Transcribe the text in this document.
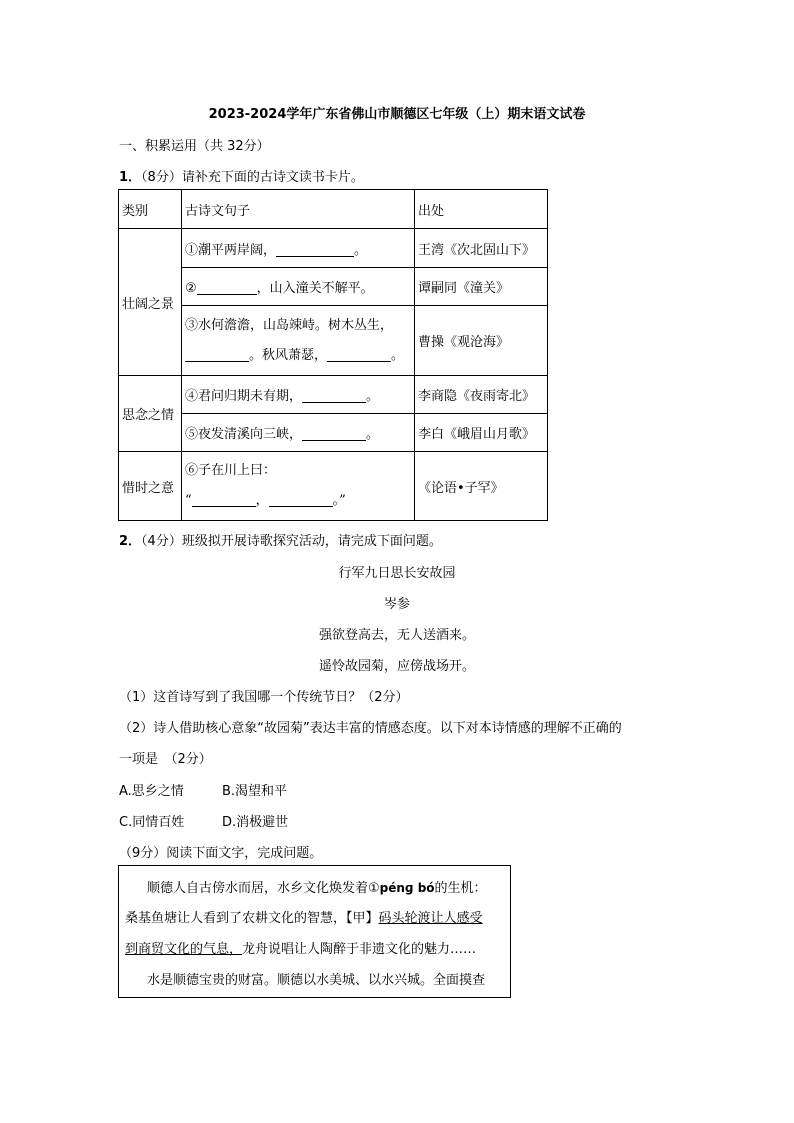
2023-2024学年广东省佛山市顺德区七年级（上）期末语文试卷
一、积累运用（共 32分）
1．（8分）请补充下面的古诗文读书卡片。
类别	古诗文句子	出处
壮阔之景	①潮平两岸阔， 。	王湾《次北固山下》
	② ，山入潼关不解平。	谭嗣同《潼关》

	③水何澹澹，山岛竦峙。树木丛生，
。秋风萧瑟， 。	曹操《观沧海》
思念之情	④君问归期未有期， 。	李商隐《夜雨寄北》
	⑤夜发清溪向三峡， 。	李白《峨眉山月歌》
惜时之意	⑥子在川上曰：
“ ， 。”	《论语•子罕》
2．（4分）班级拟开展诗歌探究活动，请完成下面问题。
行军九日思长安故园
岑参
强欲登高去，无人送酒来。
遥怜故园菊，应傍战场开。
（1）这首诗写到了我国哪一个传统节日？（2分）
（2）诗人借助核心意象“故园菊”表达丰富的情感态度。以下对本诗情感的理解不正确的
一项是　（2分）
A.思乡之情	B.渴望和平
C.同情百姓	D.消极避世
（9分）阅读下面文字，完成问题。
顺德人自古傍水而居，水乡文化焕发着①pénɡ bó的生机：
桑基鱼塘让人看到了农耕文化的智慧，【甲】码头轮渡让人感受
到商贸文化的气息，龙舟说唱让人陶醉于非遗文化的魅力……
水是顺德宝贵的财富。顺德以水美城、以水兴城。全面摸查
